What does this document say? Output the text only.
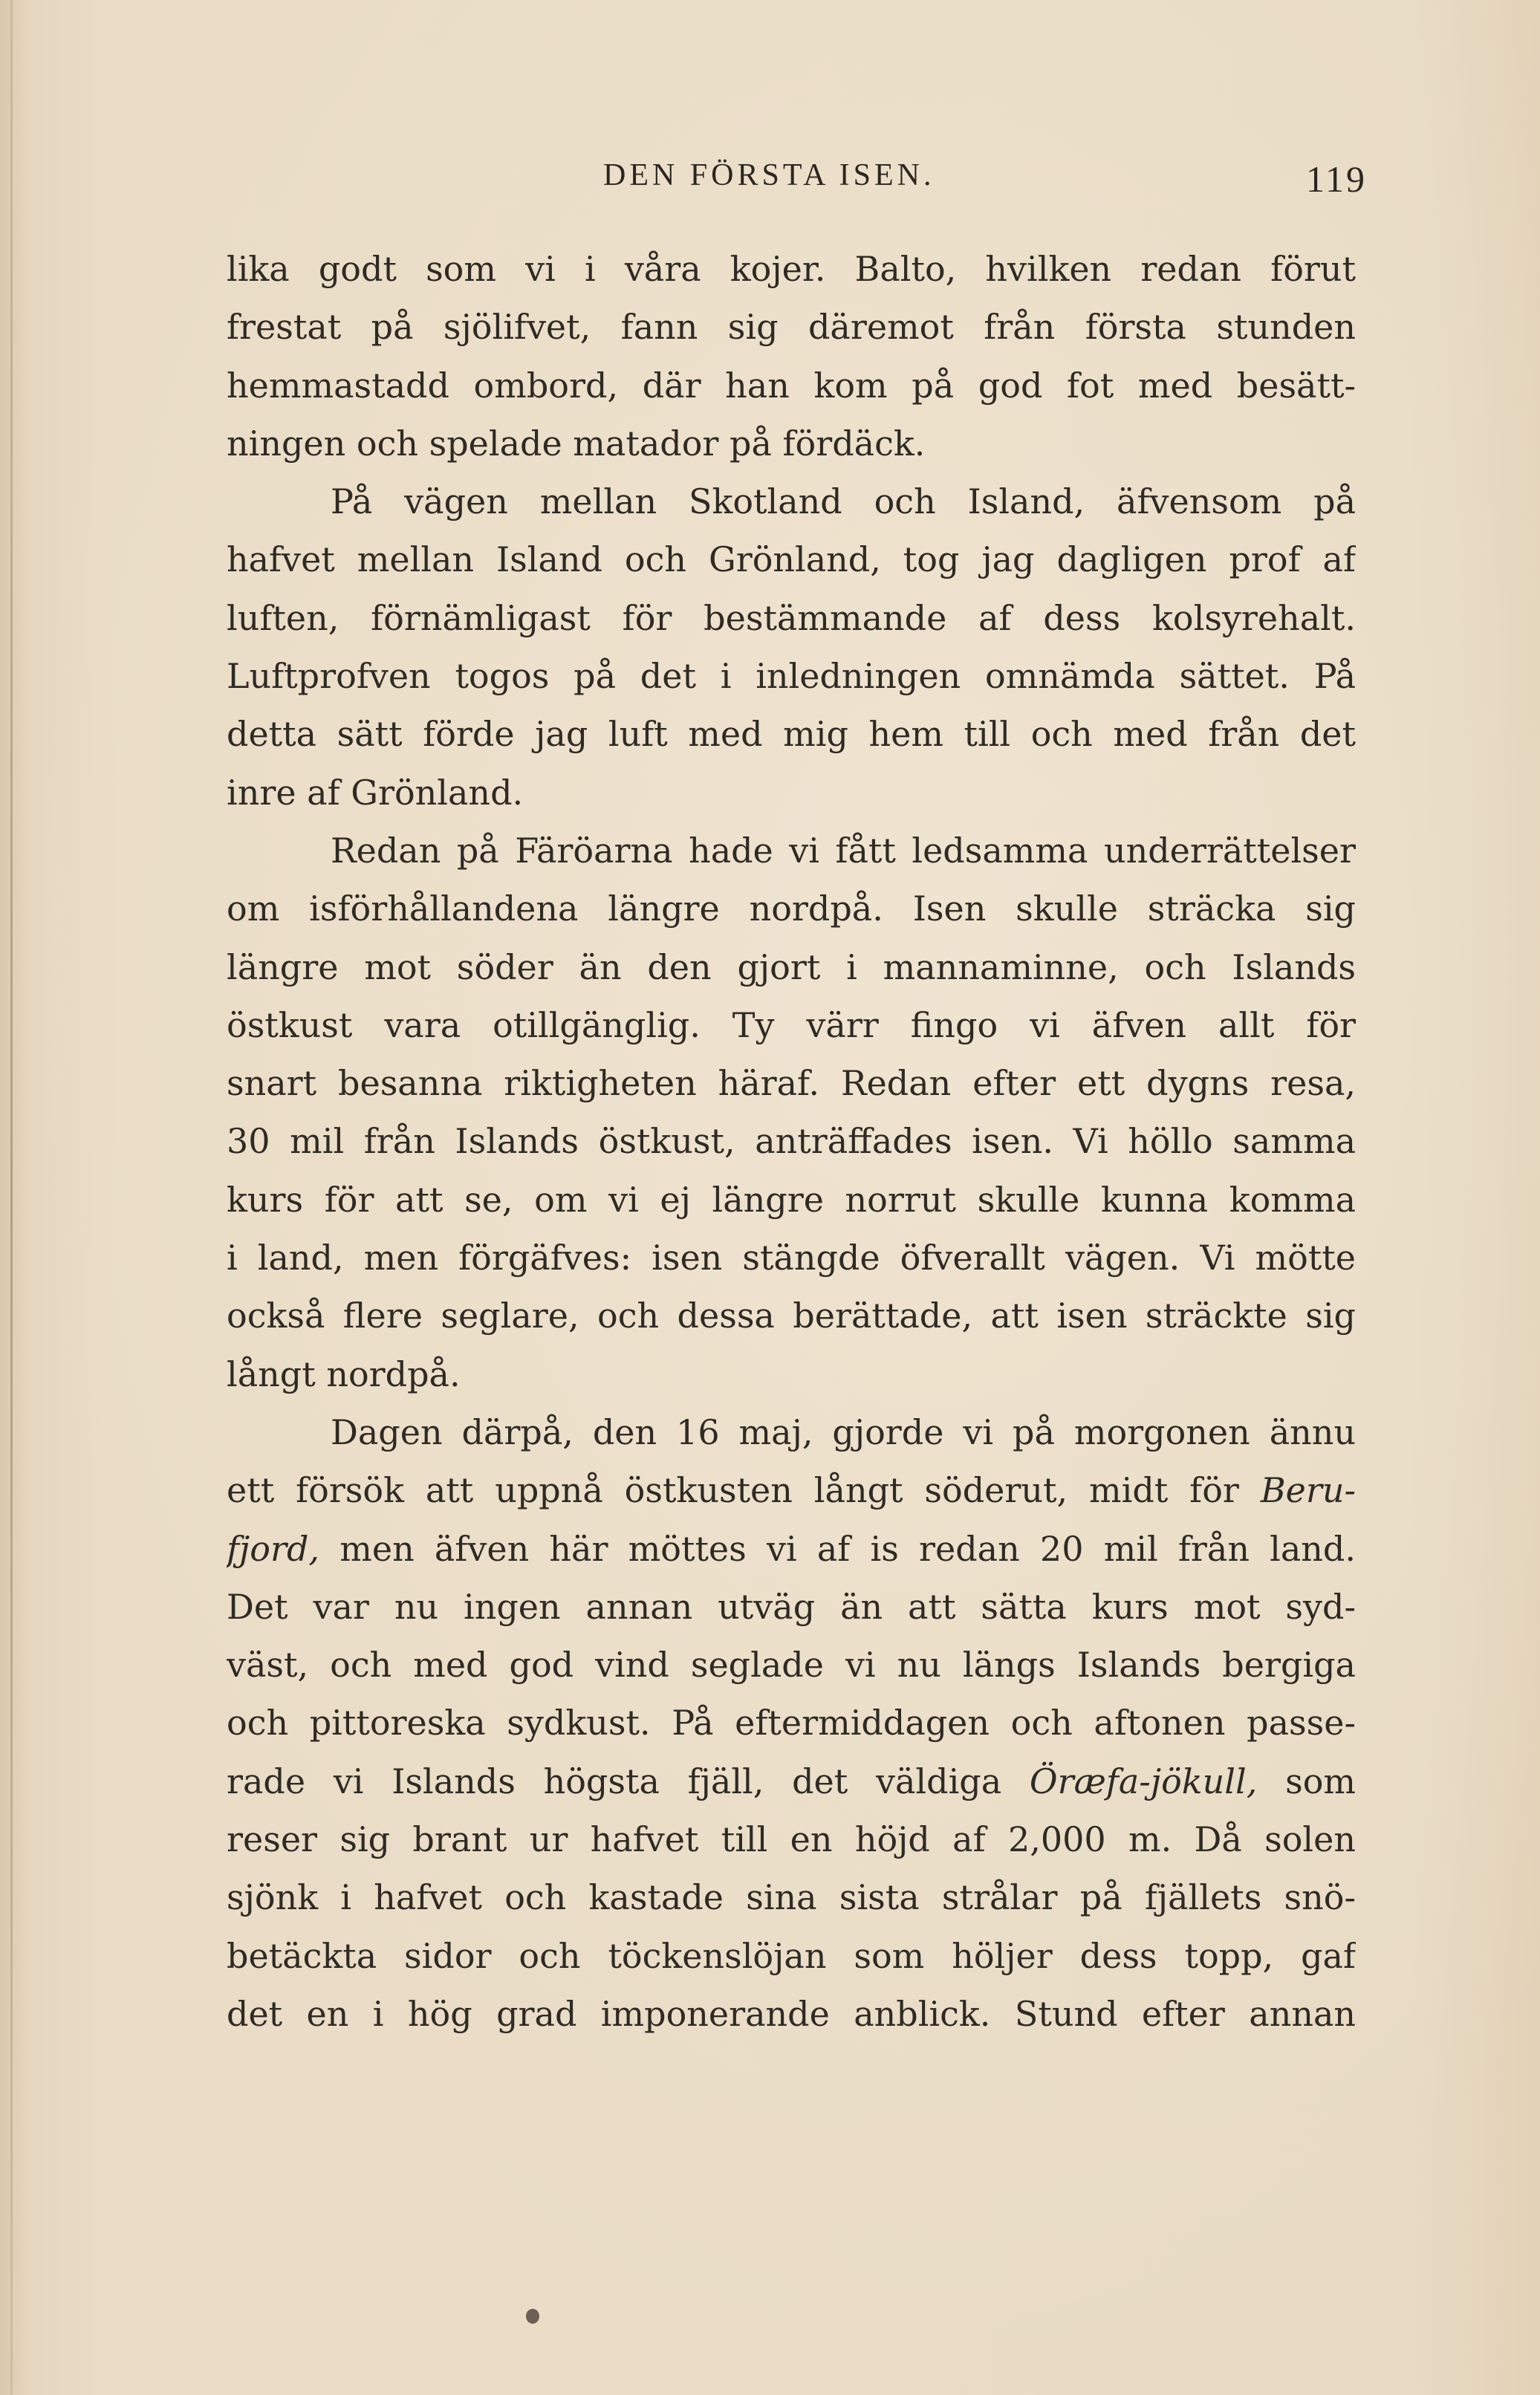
DEN FÖRSTA ISEN.	119
lika godt som vi i våra kojer. Balto, hvilken redan förut
frestat på sjölifvet, fann sig däremot från första stunden
hemmastadd ombord, där han kom på god fot med besätt-
ningen och spelade matador på fördäck.
På vägen mellan Skotland och Island, äfvensom på
hafvet mellan Island och Grönland, tog jag dagligen prof af
luften, förnämligast för bestämmande af dess kolsyrehalt.
Luftprofven togos på det i inledningen omnämda sättet. På
detta sätt förde jag luft med mig hem till och med från det
inre af Grönland.
Redan på Färöarna hade vi fått ledsamma underrättelser
om isförhållandena längre nordpå. Isen skulle sträcka sig
längre mot söder än den gjort i mannaminne, och Islands
östkust vara otillgänglig. Ty värr fingo vi äfven allt för
snart besanna riktigheten häraf. Redan efter ett dygns resa,
30 mil från Islands östkust, anträffades isen. Vi höllo samma
kurs för att se, om vi ej längre norrut skulle kunna komma
i land, men förgäfves: isen stängde öfverallt vägen. Vi mötte
också flere seglare, och dessa berättade, att isen sträckte sig
långt nordpå.
Dagen därpå, den 16 maj, gjorde vi på morgonen ännu
ett försök att uppnå östkusten långt söderut, midt för Beru-
fjord, men äfven här möttes vi af is redan 20 mil från land.
Det var nu ingen annan utväg än att sätta kurs mot syd-
väst, och med god vind seglade vi nu längs Islands bergiga
och pittoreska sydkust. På eftermiddagen och aftonen passe-
rade vi Islands högsta fjäll, det väldiga Öræfa-jökull, som
reser sig brant ur hafvet till en höjd af 2,000 m. Då solen
sjönk i hafvet och kastade sina sista strålar på fjällets snö-
betäckta sidor och töckenslöjan som höljer dess topp, gaf
det en i hög grad imponerande anblick. Stund efter annan
